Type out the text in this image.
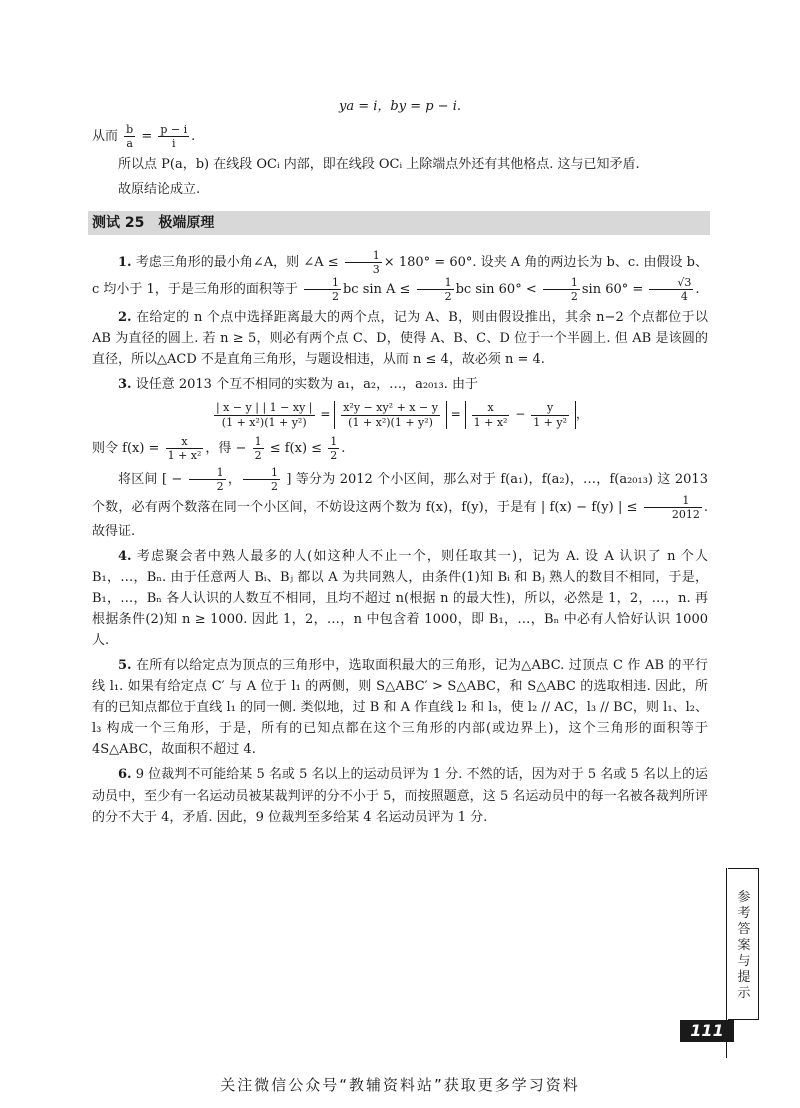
ya = i，by = p − i.

从而 $\frac{b}{a} = \frac{p - i}{i}$ .

所以点 P(a，b) 在线段 OCᵢ 内部，即在线段 OCᵢ 上除端点外还有其他格点. 这与已知矛盾.

故原结论成立.

测试 25　极端原理

1. 考虑三角形的最小角∠A，则 ∠A ≤ $\frac{1}{3} \times 180^\circ = 60^\circ$. 设夹 A 角的两边长为 b、c. 由假设 b、c 均小于 1，于是三角形的面积等于 $\frac{1}{2}$ bc $\sin A \le \frac{1}{2}$ bc $\sin 60^\circ < \frac{1}{2}$ $\sin 60^\circ = \frac{√3}{4}$ .

2. 在给定的 n 个点中选择距离最大的两个点，记为 A、B，则由假设推出，其余 n−2 个点都位于以 AB 为直径的圆上. 若 n ≥ 5，则必有两个点 C、D，使得 A、B、C、D 位于一个半圆上. 但 AB 是该圆的直径，所以△ACD 不是直角三角形，与题设相违，从而 n ≤ 4，故必须 n = 4.

3. 设任意 2013 个互不相同的实数为 a₁，a₂，…，a₂₀₁₃. 由于

$\frac{| x - y | | 1 - xy |}{\text{(1 + x²)(1 + y²)}} = \frac{\text{x²y − xy² + x − y}}{\text{(1 + x²)(1 + y²)}} = \frac{x}{\text{1 + x²}} - \frac{y}{\text{1 + y²}}$ ，

则令 $f(x) = \frac{x}{\text{1 + x²}}$ ，得 − $\frac{1}{2} \le f(x) \le \frac{1}{2}$ .

将区间 [ − $\frac{1}{2}$ ， $\frac{1}{2}$ ] 等分为 2012 个小区间，那么对于 f(a₁)，f(a₂)，…，f(a₂₀₁₃) 这 2013 个数，必有两个数落在同一个小区间，不妨设这两个数为 f(x)，f(y)，于是有 | f(x) − f(y) | ≤ $\frac{1}{2012}$ . 故得证.

4. 考虑聚会者中熟人最多的人(如这种人不止一个，则任取其一)，记为 A. 设 A 认识了 n 个人 B₁，…，Bₙ. 由于任意两人 Bᵢ、Bⱼ 都以 A 为共同熟人，由条件(1)知 Bᵢ 和 Bⱼ 熟人的数目不相同，于是，B₁，…，Bₙ 各人认识的人数互不相同，且均不超过 n(根据 n 的最大性)，所以，必然是 1，2，…，n. 再根据条件(2)知 n ≥ 1000. 因此 1，2，…，n 中包含着 1000，即 B₁，…，Bₙ 中必有人恰好认识 1000 人.

5. 在所有以给定点为顶点的三角形中，选取面积最大的三角形，记为△ABC. 过顶点 C 作 AB 的平行线 l₁. 如果有给定点 C′ 与 A 位于 l₁ 的两侧，则 S△ABC′ > S△ABC，和 S△ABC 的选取相违. 因此，所有的已知点都位于直线 l₁ 的同一侧. 类似地，过 B 和 A 作直线 l₂ 和 l₃，使 l₂ // AC，l₃ // BC，则 l₁、l₂、l₃ 构成一个三角形，于是，所有的已知点都在这个三角形的内部(或边界上)，这个三角形的面积等于 4S△ABC，故面积不超过 4.

6. 9 位裁判不可能给某 5 名或 5 名以上的运动员评为 1 分. 不然的话，因为对于 5 名或 5 名以上的运动员中，至少有一名运动员被某裁判评的分不小于 5，而按照题意，这 5 名运动员中的每一名被各裁判所评的分不大于 4，矛盾. 因此，9 位裁判至多给某 4 名运动员评为 1 分.

参考答案与提示
111
关注微信公众号“教辅资料站”获取更多学习资料
